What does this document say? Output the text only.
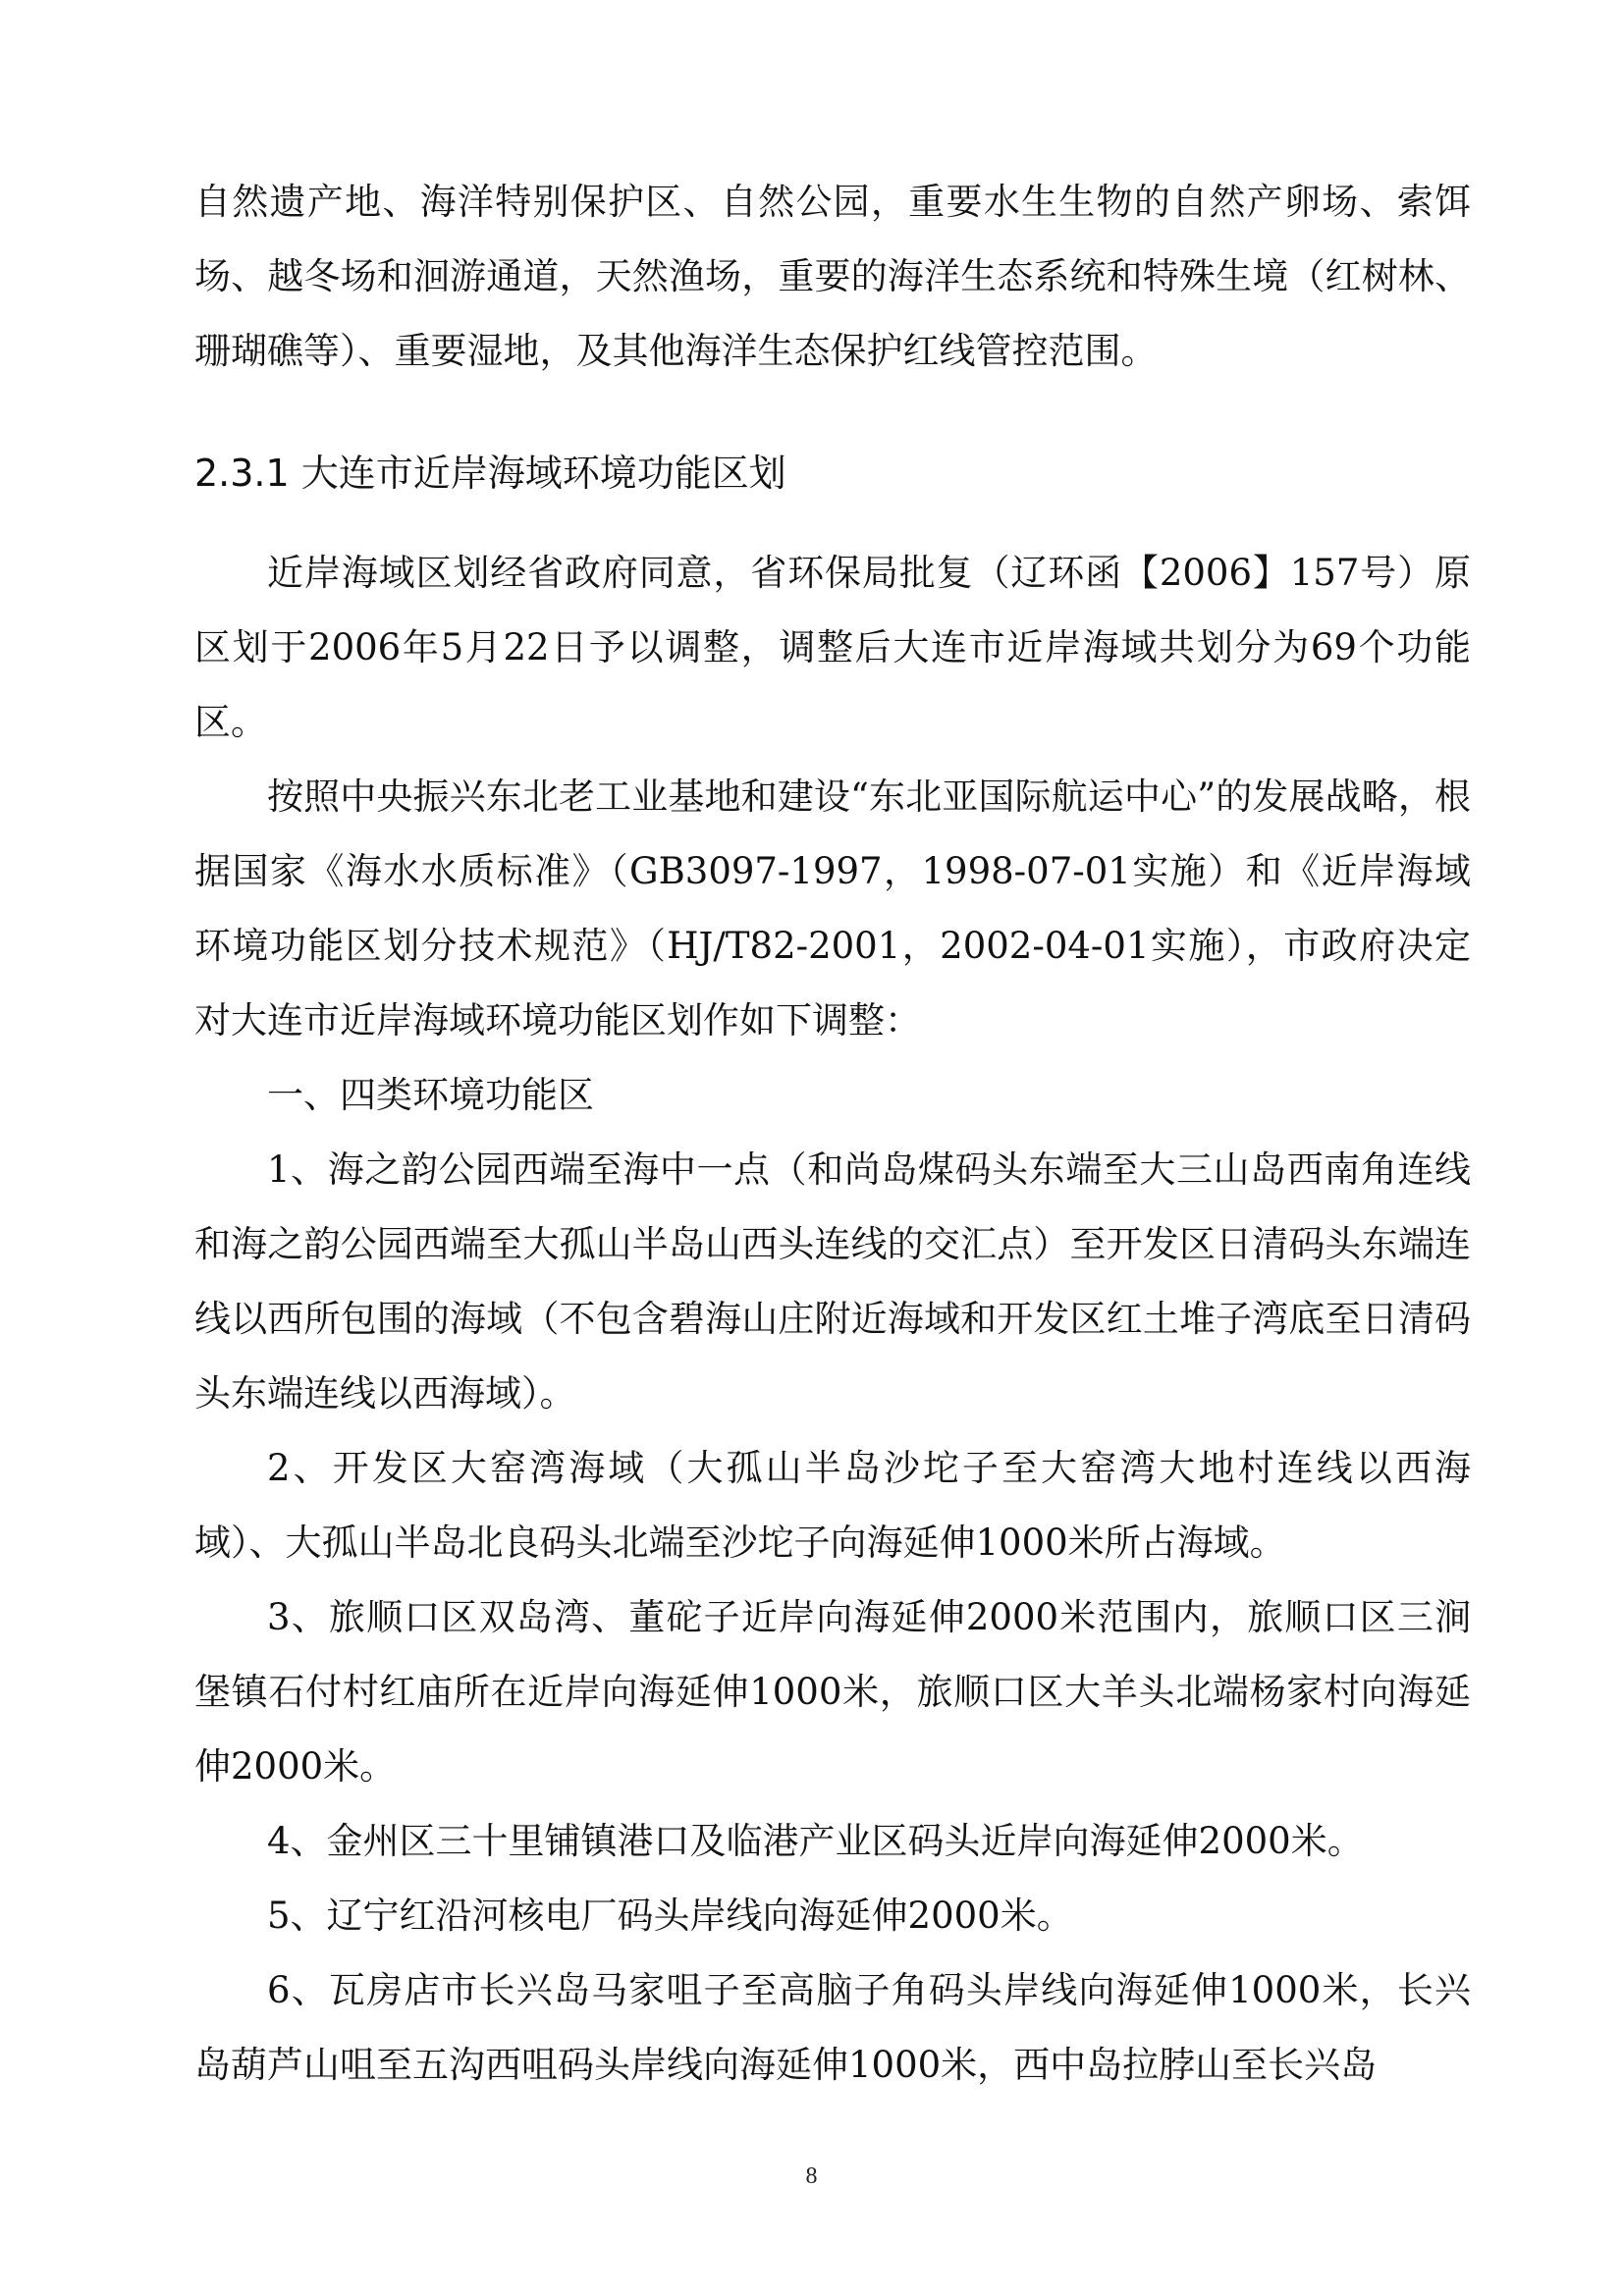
自然遗产地、海洋特别保护区、自然公园，重要水生生物的自然产卵场、索饵场、越冬场和洄游通道，天然渔场，重要的海洋生态系统和特殊生境（红树林、珊瑚礁等）、重要湿地，及其他海洋生态保护红线管控范围。

2.3.1 大连市近岸海域环境功能区划

近岸海域区划经省政府同意，省环保局批复（辽环函【2006】157号）原区划于2006年5月22日予以调整，调整后大连市近岸海域共划分为69个功能区。

按照中央振兴东北老工业基地和建设“东北亚国际航运中心”的发展战略，根据国家《海水水质标准》（GB3097-1997，1998-07-01实施）和《近岸海域环境功能区划分技术规范》（HJ/T82-2001，2002-04-01实施），市政府决定对大连市近岸海域环境功能区划作如下调整：

一、四类环境功能区

1、海之韵公园西端至海中一点（和尚岛煤码头东端至大三山岛西南角连线和海之韵公园西端至大孤山半岛山西头连线的交汇点）至开发区日清码头东端连线以西所包围的海域（不包含碧海山庄附近海域和开发区红土堆子湾底至日清码头东端连线以西海域）。

2、开发区大窑湾海域（大孤山半岛沙坨子至大窑湾大地村连线以西海域）、大孤山半岛北良码头北端至沙坨子向海延伸1000米所占海域。

3、旅顺口区双岛湾、董砣子近岸向海延伸2000米范围内，旅顺口区三涧堡镇石付村红庙所在近岸向海延伸1000米，旅顺口区大羊头北端杨家村向海延伸2000米。

4、金州区三十里铺镇港口及临港产业区码头近岸向海延伸2000米。

5、辽宁红沿河核电厂码头岸线向海延伸2000米。

6、瓦房店市长兴岛马家咀子至高脑子角码头岸线向海延伸1000米，长兴岛葫芦山咀至五沟西咀码头岸线向海延伸1000米，西中岛拉脖山至长兴岛

8
